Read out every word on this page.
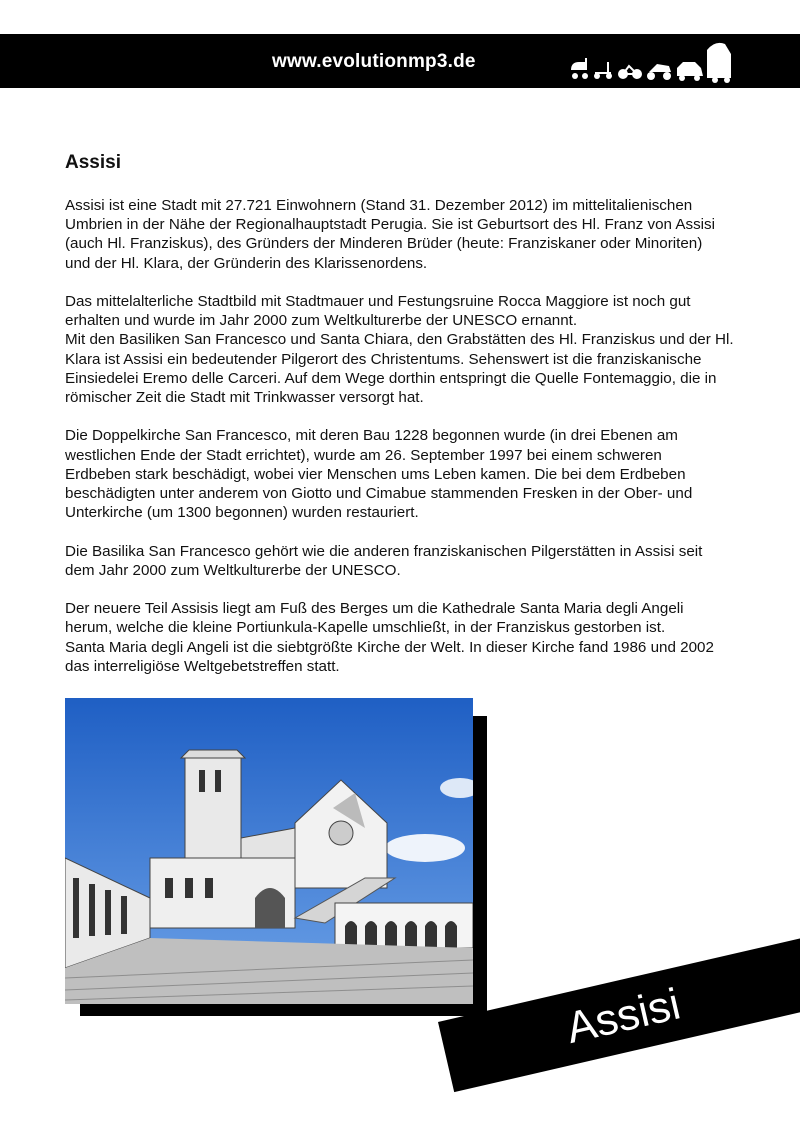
www.evolutionmp3.de
Assisi

Assisi ist eine Stadt mit 27.721 Einwohnern (Stand 31. Dezember 2012) im mittelitalienischen
Umbrien in der Nähe der Regionalhauptstadt Perugia. Sie ist Geburtsort des Hl. Franz von Assisi
(auch Hl. Franziskus), des Gründers der Minderen Brüder (heute: Franziskaner oder Minoriten)
und der Hl. Klara, der Gründerin des Klarissenordens.

Das mittelalterliche Stadtbild mit Stadtmauer und Festungsruine Rocca Maggiore ist noch gut
erhalten und wurde im Jahr 2000 zum Weltkulturerbe der UNESCO ernannt.
Mit den Basiliken San Francesco und Santa Chiara, den Grabstätten des Hl. Franziskus und der Hl.
Klara ist Assisi ein bedeutender Pilgerort des Christentums. Sehenswert ist die franziskanische
Einsiedelei Eremo delle Carceri. Auf dem Wege dorthin entspringt die Quelle Fontemaggio, die in
römischer Zeit die Stadt mit Trinkwasser versorgt hat.

Die Doppelkirche San Francesco, mit deren Bau 1228 begonnen wurde (in drei Ebenen am
westlichen Ende der Stadt errichtet), wurde am 26. September 1997 bei einem schweren
Erdbeben stark beschädigt, wobei vier Menschen ums Leben kamen. Die bei dem Erdbeben
beschädigten unter anderem von Giotto und Cimabue stammenden Fresken in der Ober- und
Unterkirche (um 1300 begonnen) wurden restauriert.

Die Basilika San Francesco gehört wie die anderen franziskanischen Pilgerstätten in Assisi seit
dem Jahr 2000 zum Weltkulturerbe der UNESCO.

Der neuere Teil Assisis liegt am Fuß des Berges um die Kathedrale Santa Maria degli Angeli
herum, welche die kleine Portiunkula-Kapelle umschließt, in der Franziskus gestorben ist.
Santa Maria degli Angeli ist die siebtgrößte Kirche der Welt. In dieser Kirche fand 1986 und 2002
das interreligiöse Weltgebetstreffen statt.

Assisi
